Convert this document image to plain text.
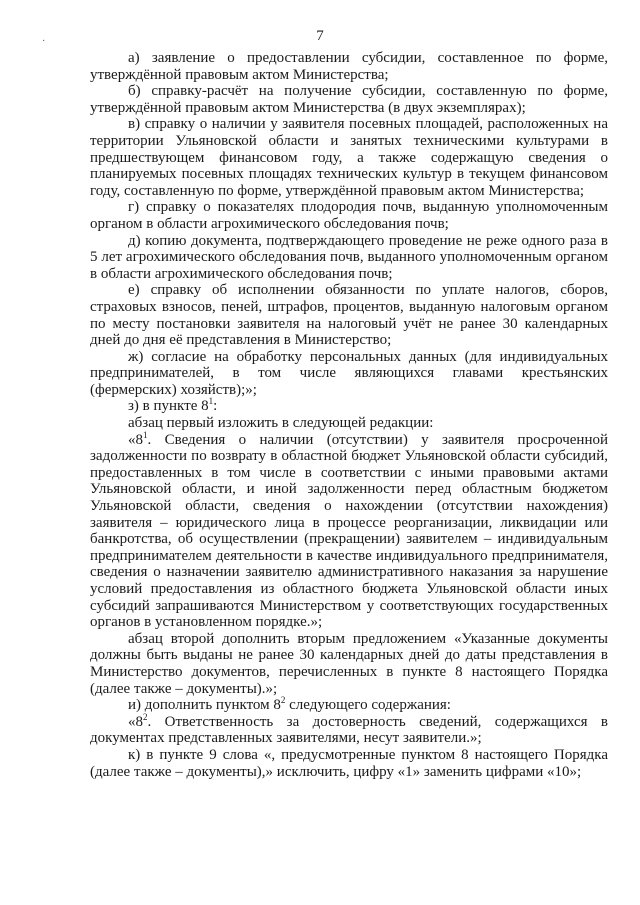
7
·

а) заявление о предоставлении субсидии, составленное по форме, утверждённой правовым актом Министерства;

б) справку-расчёт на получение субсидии, составленную по форме, утверждённой правовым актом Министерства (в двух экземплярах);

в) справку о наличии у заявителя посевных площадей, расположенных на территории Ульяновской области и занятых техническими культурами в предшествующем финансовом году, а также содержащую сведения о планируемых посевных площадях технических культур в текущем финансовом году, составленную по форме, утверждённой правовым актом Министерства;

г) справку о показателях плодородия почв, выданную уполномоченным органом в области агрохимического обследования почв;

д) копию документа, подтверждающего проведение не реже одного раза в 5 лет агрохимического обследования почв, выданного уполномоченным органом в области агрохимического обследования почв;

е) справку об исполнении обязанности по уплате налогов, сборов, страховых взносов, пеней, штрафов, процентов, выданную налоговым органом по месту постановки заявителя на налоговый учёт не ранее 30 календарных дней до дня её представления в Министерство;

ж) согласие на обработку персональных данных (для индивидуальных предпринимателей, в том числе являющихся главами крестьянских (фермерских) хозяйств);»;

з) в пункте $8^1$:

абзац первый изложить в следующей редакции:

«$8^1$. Сведения о наличии (отсутствии) у заявителя просроченной задолженности по возврату в областной бюджет Ульяновской области субсидий, предоставленных в том числе в соответствии с иными правовыми актами Ульяновской области, и иной задолженности перед областным бюджетом Ульяновской области, сведения о нахождении (отсутствии нахождения) заявителя – юридического лица в процессе реорганизации, ликвидации или банкротства, об осуществлении (прекращении) заявителем – индивидуальным предпринимателем деятельности в качестве индивидуального предпринимателя, сведения о назначении заявителю административного наказания за нарушение условий предоставления из областного бюджета Ульяновской области иных субсидий запрашиваются Министерством у соответствующих государственных органов в установленном порядке.»;

абзац второй дополнить вторым предложением «Указанные документы должны быть выданы не ранее 30 календарных дней до даты представления в Министерство документов, перечисленных в пункте 8 настоящего Порядка (далее также – документы).»;

и) дополнить пунктом $8^2$ следующего содержания:

«$8^2$. Ответственность за достоверность сведений, содержащихся в документах представленных заявителями, несут заявители.»;

к) в пункте 9 слова «, предусмотренные пунктом 8 настоящего Порядка (далее также – документы),» исключить, цифру «1» заменить цифрами «10»;
